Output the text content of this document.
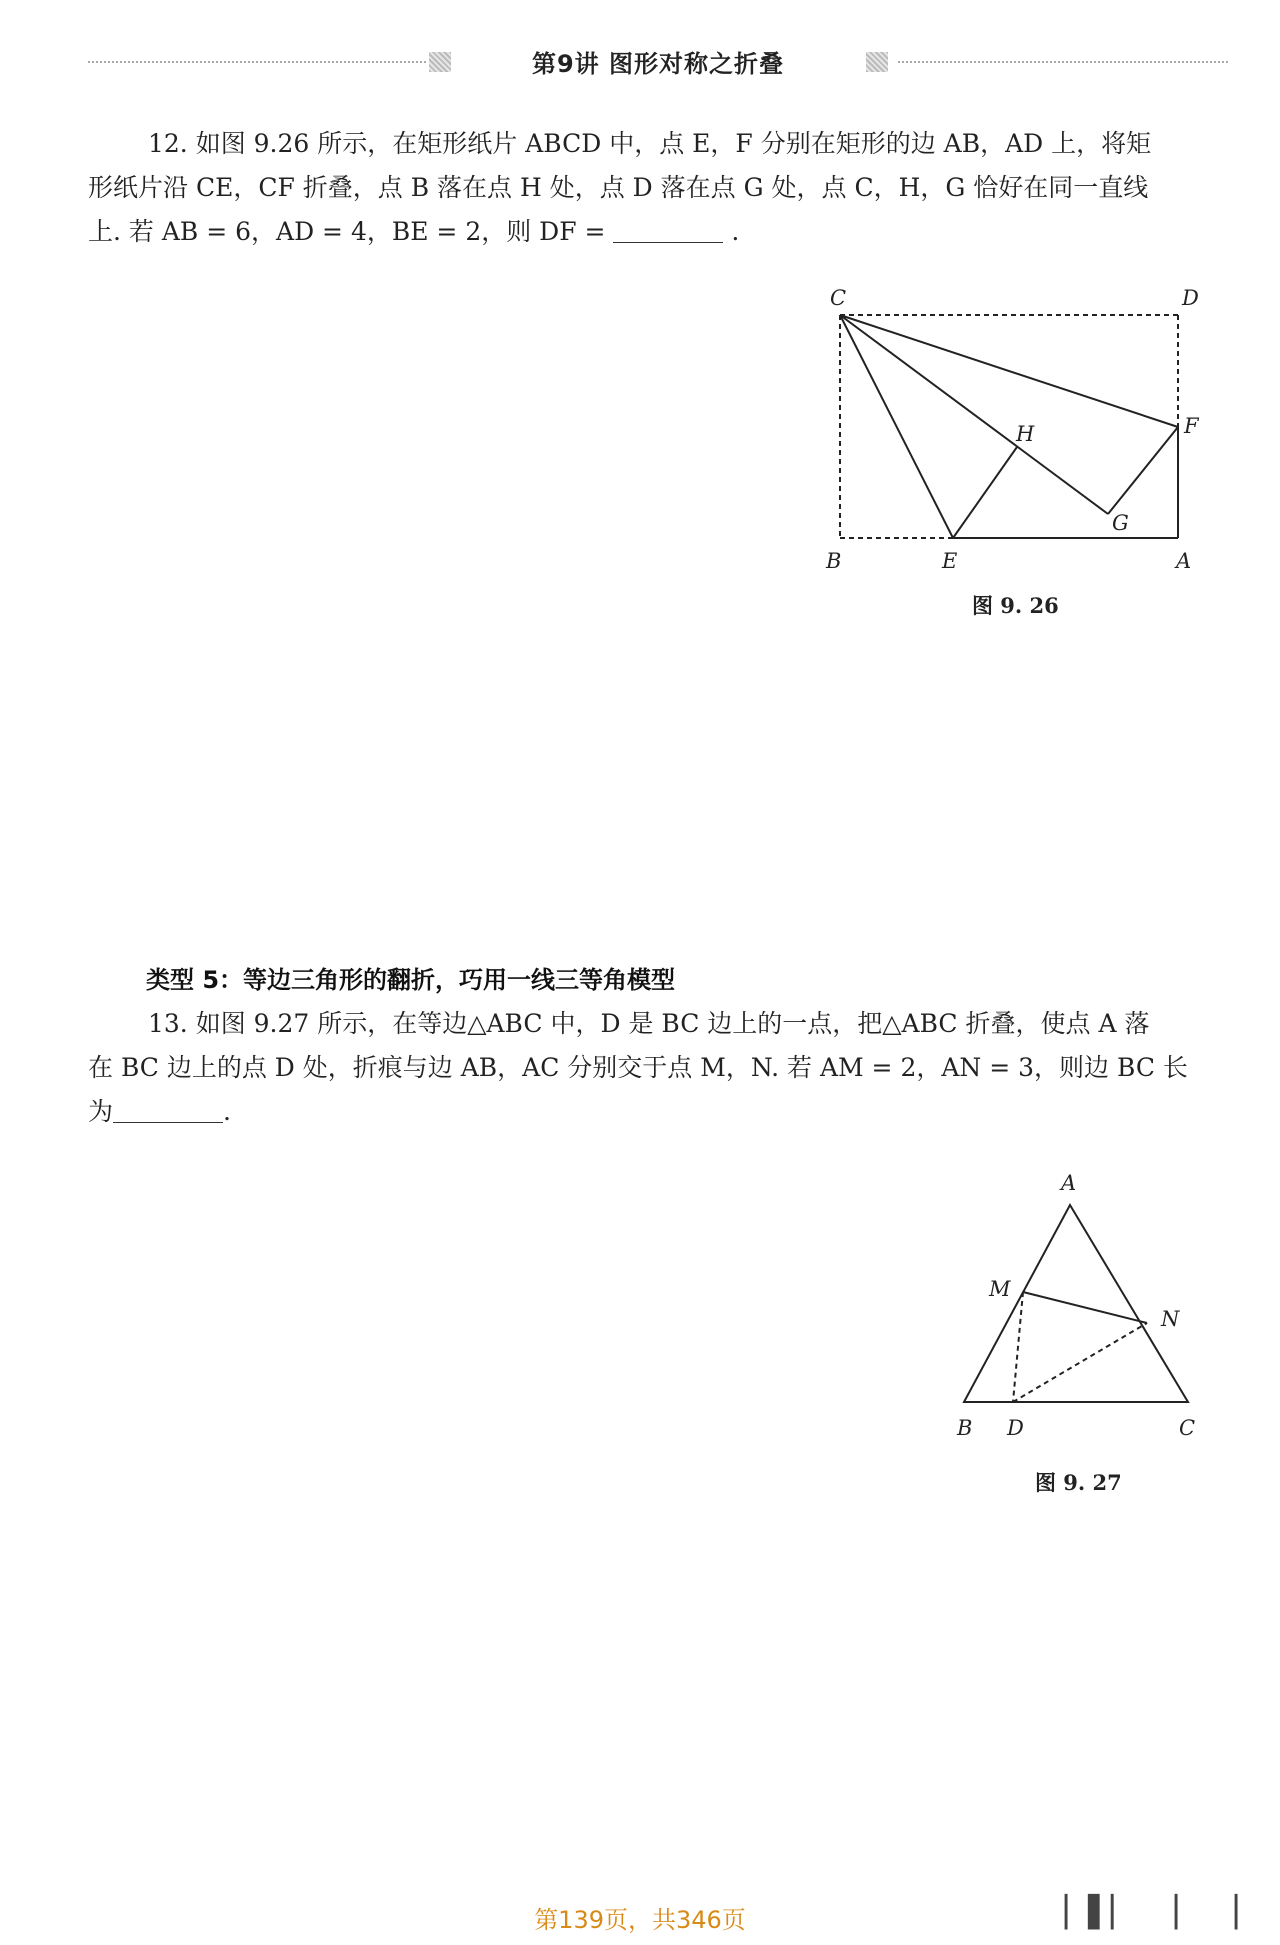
第9讲 图形对称之折叠
12. 如图 9.26 所示，在矩形纸片 ABCD 中，点 E，F 分别在矩形的边 AB，AD 上，将矩
形纸片沿 CE，CF 折叠，点 B 落在点 H 处，点 D 落在点 G 处，点 C，H，G 恰好在同一直线
上. 若 AB = 6，AD = 4，BE = 2，则 DF =	.
C	D
H	F
G
B	E	A
图 9. 26
类型 5：等边三角形的翻折，巧用一线三等角模型
13. 如图 9.27 所示，在等边△ABC 中，D 是 BC 边上的一点，把△ABC 折叠，使点 A 落
在 BC 边上的点 D 处，折痕与边 AB，AC 分别交于点 M，N. 若 AM = 2，AN = 3，则边 BC 长
为	.
A
M
N
B D	C
图 9. 27
第139页，共346页	▏▌▏ ▏ ▏
